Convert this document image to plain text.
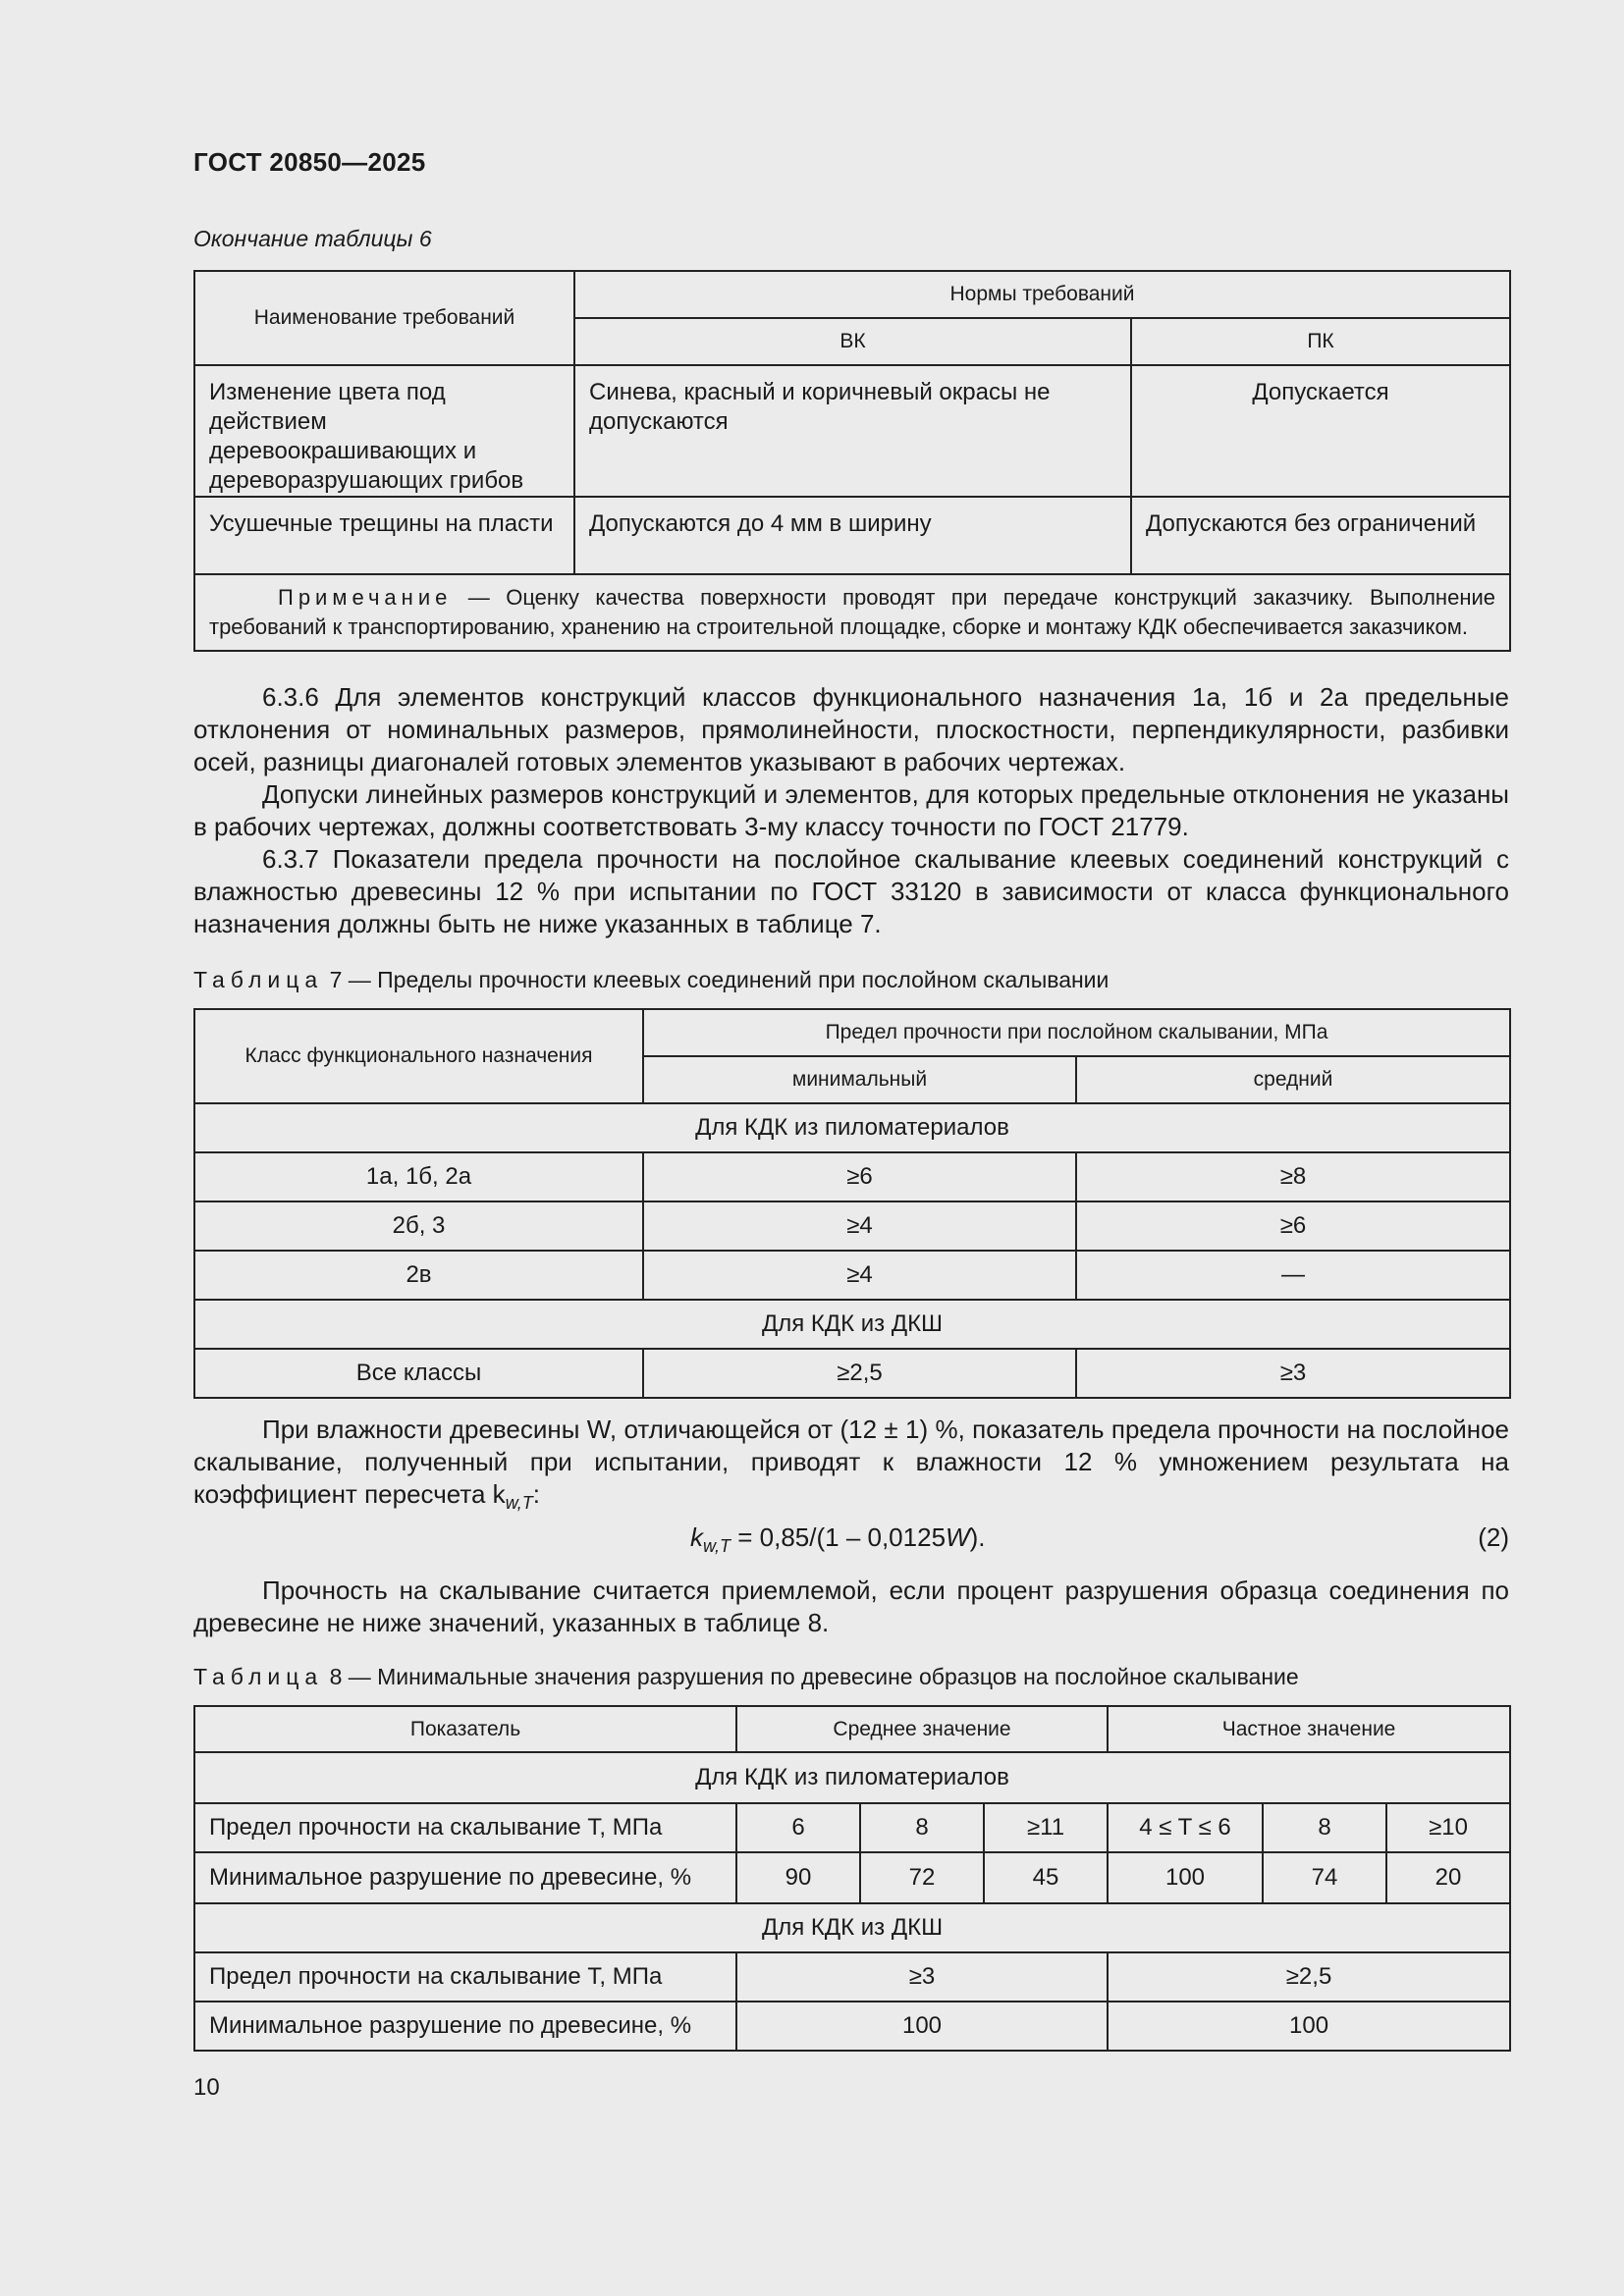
ГОСТ 20850—2025
Окончание таблицы 6
Наименование требований	Нормы требований	
	ВК	ПК
Изменение цвета под действием деревоокрашивающих и дереворазрушающих грибов	Синева, красный и коричневый окрасы не допускаются	Допускается
Усушечные трещины на пласти	Допускаются до 4 мм в ширину	Допускаются без ограничений
Примечание — Оценку качества поверхности проводят при передаче конструкций заказчику. Выполнение требований к транспортированию, хранению на строительной площадке, сборке и монтажу КДК обеспечивается заказчиком.		

6.3.6 Для элементов конструкций классов функционального назначения 1а, 1б и 2а предельные отклонения от номинальных размеров, прямолинейности, плоскостности, перпендикулярности, разбивки осей, разницы диагоналей готовых элементов указывают в рабочих чертежах.

Допуски линейных размеров конструкций и элементов, для которых предельные отклонения не указаны в рабочих чертежах, должны соответствовать 3-му классу точности по ГОСТ 21779.

6.3.7 Показатели предела прочности на послойное скалывание клеевых соединений конструкций с влажностью древесины 12 % при испытании по ГОСТ 33120 в зависимости от класса функционального назначения должны быть не ниже указанных в таблице 7.

Таблица 7 — Пределы прочности клеевых соединений при послойном скалывании
Класс функционального назначения	Предел прочности при послойном скалывании, МПа	
	минимальный	средний
Для КДК из пиломатериалов		
1а, 1б, 2а	≥6	≥8
2б, 3	≥4	≥6
2в	≥4	—
Для КДК из ДКШ		
Все классы	≥2,5	≥3

При влажности древесины W, отличающейся от (12 ± 1) %, показатель предела прочности на послойное скалывание, полученный при испытании, приводят к влажности 12 % умножением результата на коэффициент пересчета $k_{w,T}$:

$k_{w,T} = 0,85/(1 - 0,0125W)$.	(2)

Прочность на скалывание считается приемлемой, если процент разрушения образца соединения по древесине не ниже значений, указанных в таблице 8.

Таблица 8 — Минимальные значения разрушения по древесине образцов на послойное скалывание
Показатель	Среднее значение			Частное значение		
Для КДК из пиломатериалов						
Предел прочности на скалывание T, МПа	6	8	≥11	4 ≤ T ≤ 6	8	≥10
Минимальное разрушение по древесине, %	90	72	45	100	74	20
Для КДК из ДКШ						
Предел прочности на скалывание T, МПа	≥3			≥2,5		
Минимальное разрушение по древесине, %	100			100		
10
